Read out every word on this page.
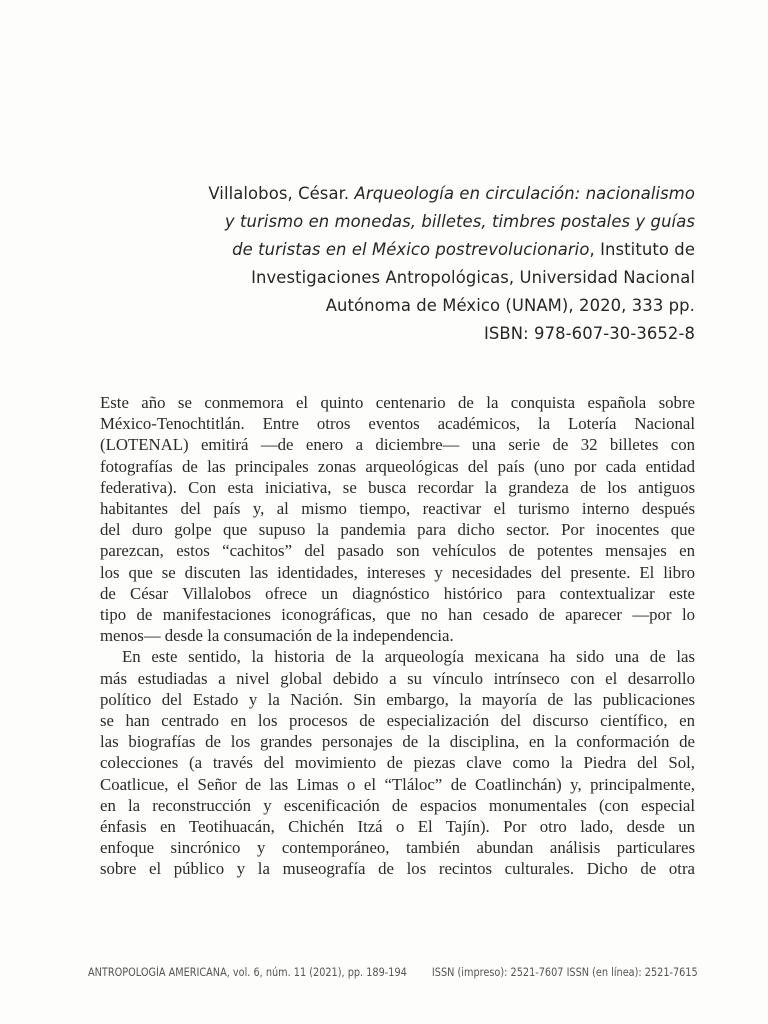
Villalobos, César. Arqueología en circulación: nacionalismo
y turismo en monedas, billetes, timbres postales y guías
de turistas en el México postrevolucionario, Instituto de
Investigaciones Antropológicas, Universidad Nacional
Autónoma de México (UNAM), 2020, 333 pp.
ISBN: 978-607-30-3652-8
Este año se conmemora el quinto centenario de la conquista española sobre
México-Tenochtitlán. Entre otros eventos académicos, la Lotería Nacional
(LOTENAL) emitirá —de enero a diciembre— una serie de 32 billetes con
fotografías de las principales zonas arqueológicas del país (uno por cada entidad
federativa). Con esta iniciativa, se busca recordar la grandeza de los antiguos
habitantes del país y, al mismo tiempo, reactivar el turismo interno después
del duro golpe que supuso la pandemia para dicho sector. Por inocentes que
parezcan, estos “cachitos” del pasado son vehículos de potentes mensajes en
los que se discuten las identidades, intereses y necesidades del presente. El libro
de César Villalobos ofrece un diagnóstico histórico para contextualizar este
tipo de manifestaciones iconográficas, que no han cesado de aparecer —por lo
menos— desde la consumación de la independencia.
En este sentido, la historia de la arqueología mexicana ha sido una de las
más estudiadas a nivel global debido a su vínculo intrínseco con el desarrollo
político del Estado y la Nación. Sin embargo, la mayoría de las publicaciones
se han centrado en los procesos de especialización del discurso científico, en
las biografías de los grandes personajes de la disciplina, en la conformación de
colecciones (a través del movimiento de piezas clave como la Piedra del Sol,
Coatlicue, el Señor de las Limas o el “Tláloc” de Coatlinchán) y, principalmente,
en la reconstrucción y escenificación de espacios monumentales (con especial
énfasis en Teotihuacán, Chichén Itzá o El Tajín). Por otro lado, desde un
enfoque sincrónico y contemporáneo, también abundan análisis particulares
sobre el público y la museografía de los recintos culturales. Dicho de otra
ANTROPOLOGÍA AMERICANA, vol. 6, núm. 11 (2021), pp. 189-194 ISSN (impreso): 2521-7607 ISSN (en línea): 2521-7615
